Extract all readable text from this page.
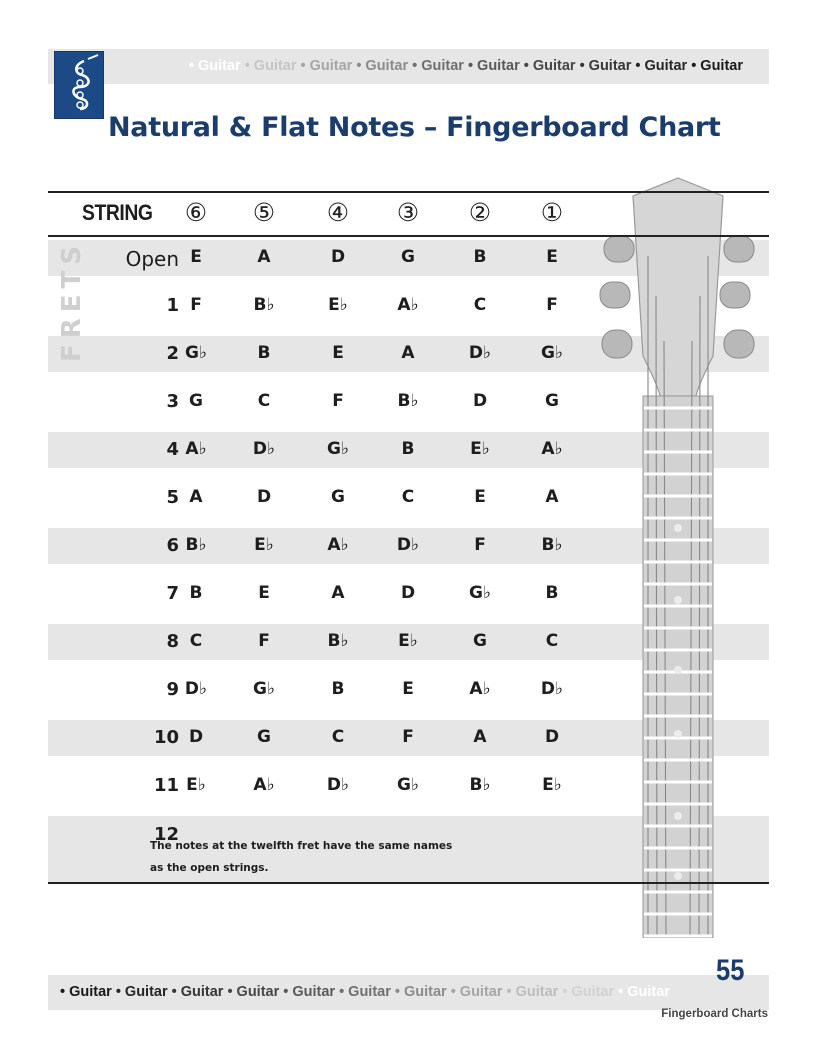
• Guitar • Guitar • Guitar • Guitar • Guitar • Guitar • Guitar • Guitar • Guitar • Guitar
Natural & Flat Notes – Fingerboard Chart
STRING	⑥	⑤	④	③	②	①
FRETS Open E	A	D	G	B	E
1 F	B♭	E♭	A♭	C	F
2 G♭	B	E	A	D♭	G♭
3 G	C	F	B♭	D	G
4 A♭	D♭	G♭	B	E♭	A♭
5 A	D	G	C	E	A
6 B♭	E♭	A♭	D♭	F	B♭
7 B	E	A	D	G♭	B
8 C	F	B♭	E♭	G	C
9 D♭	G♭	B	E	A♭	D♭
10 D	G	C	F	A	D
11 E♭	A♭	D♭	G♭	B♭	E♭
12
The notes at the twelfth fret have the same names
as the open strings.
• Guitar • Guitar • Guitar • Guitar • Guitar • Guitar • Guitar • Guitar • Guitar • Guitar • Guitar
55
Fingerboard Charts
